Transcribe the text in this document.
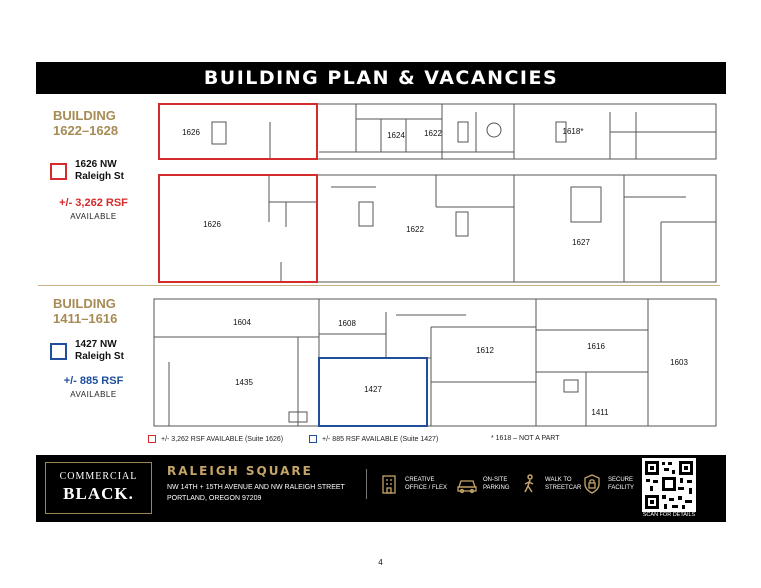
BUILDING PLAN & VACANCIES
BUILDING
1622–1628
1626 NW
Raleigh St
+/- 3,262 RSF
AVAILABLE
BUILDING
1411–1616
1427 NW
Raleigh St
+/- 885 RSF
AVAILABLE
1626	1624 1622	1618*
1626
1622
1627
1604	1608
1612	1616
1603
1435
1427
1411
+/- 3,262 RSF AVAILABLE (Suite 1626)	+/- 885 RSF AVAILABLE (Suite 1427)	* 1618 – NOT A PART
COMMERCIAL
BLACK.
RALEIGH SQUARE
NW 14TH + 15TH AVENUE AND NW RALEIGH STREET
PORTLAND, OREGON 97209
CREATIVE
OFFICE / FLEX
ON-SITE
PARKING
WALK TO
STREETCAR
SECURE
FACILITY
SCAN FOR DETAILS
4
